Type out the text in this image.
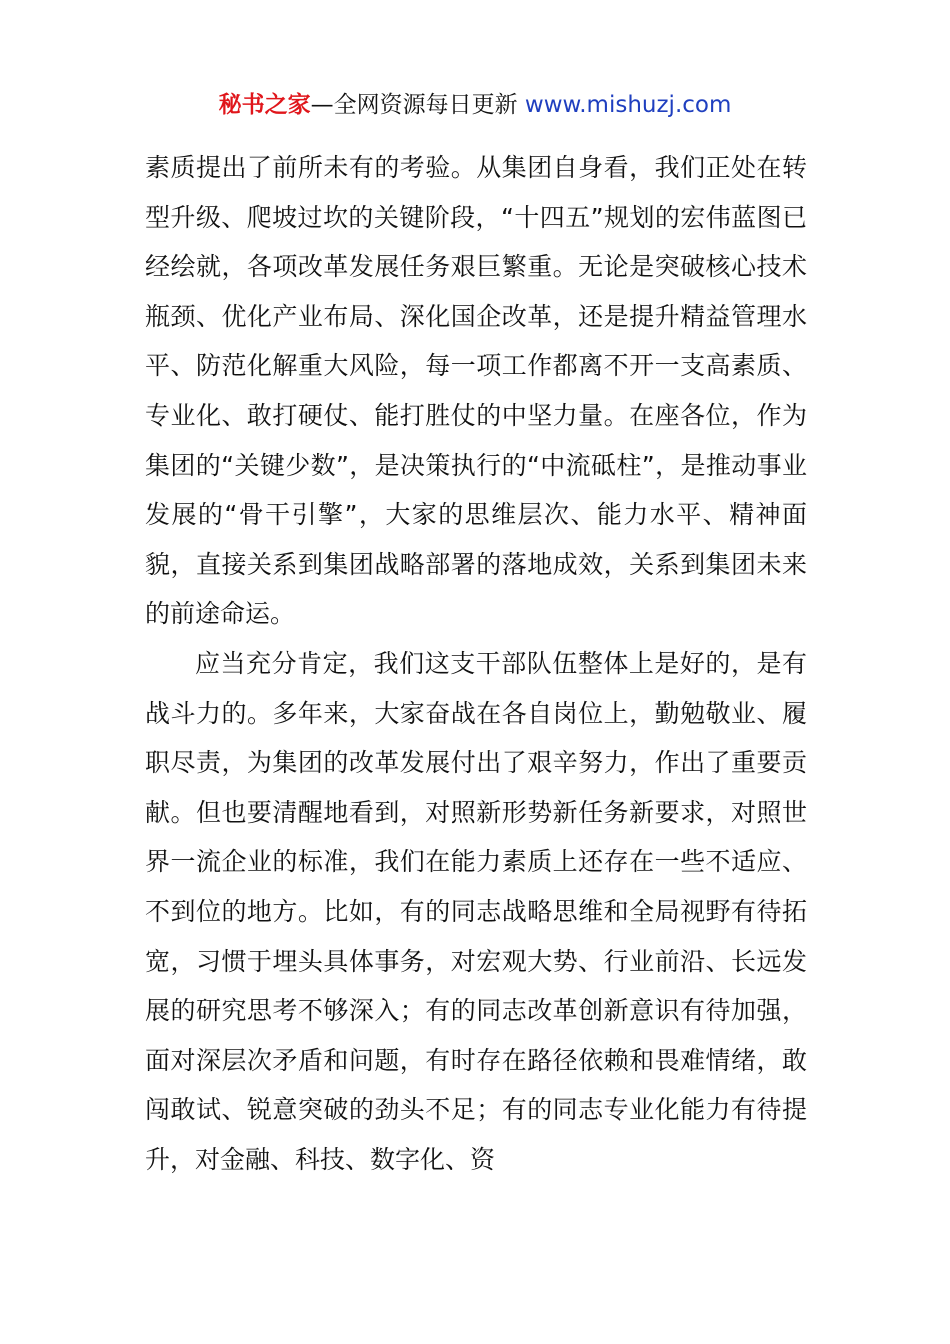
秘书之家—全网资源每日更新 www.mishuzj.com

素质提出了前所未有的考验。从集团自身看，我们正处在转型升级、爬坡过坎的关键阶段，“十四五”规划的宏伟蓝图已经绘就，各项改革发展任务艰巨繁重。无论是突破核心技术瓶颈、优化产业布局、深化国企改革，还是提升精益管理水平、防范化解重大风险，每一项工作都离不开一支高素质、专业化、敢打硬仗、能打胜仗的中坚力量。在座各位，作为集团的“关键少数”，是决策执行的“中流砥柱”，是推动事业发展的“骨干引擎”，大家的思维层次、能力水平、精神面貌，直接关系到集团战略部署的落地成效，关系到集团未来的前途命运。

应当充分肯定，我们这支干部队伍整体上是好的，是有战斗力的。多年来，大家奋战在各自岗位上，勤勉敬业、履职尽责，为集团的改革发展付出了艰辛努力，作出了重要贡献。但也要清醒地看到，对照新形势新任务新要求，对照世界一流企业的标准，我们在能力素质上还存在一些不适应、不到位的地方。比如，有的同志战略思维和全局视野有待拓宽，习惯于埋头具体事务，对宏观大势、行业前沿、长远发展的研究思考不够深入；有的同志改革创新意识有待加强，面对深层次矛盾和问题，有时存在路径依赖和畏难情绪，敢闯敢试、锐意突破的劲头不足；有的同志专业化能力有待提升，对金融、科技、数字化、资
